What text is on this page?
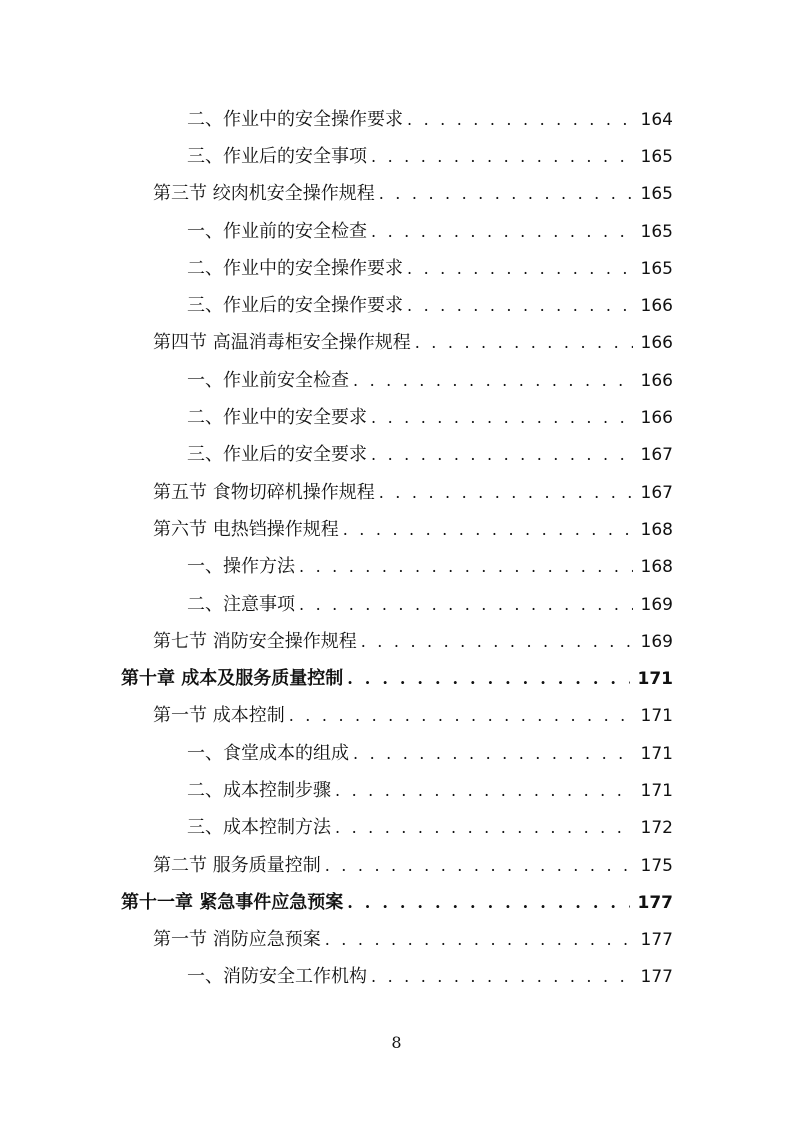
二、作业中的安全操作要求 . . .	164
三、作业后的安全事项 . . .	165
第三节 绞肉机安全操作规程 . . .	165
一、作业前的安全检查 . . .	165
二、作业中的安全操作要求 . . .	165
三、作业后的安全操作要求 . . .	166
第四节 高温消毒柜安全操作规程 . . .	166
一、作业前安全检查 . . .	166
二、作业中的安全要求 . . .	166
三、作业后的安全要求 . . .	167
第五节 食物切碎机操作规程 . . .	167
第六节 电热铛操作规程 . . .	168
一、操作方法 . . .	168
二、注意事项 . . .	169
第七节 消防安全操作规程 . . .	169
第十章 成本及服务质量控制 . . .	171
第一节 成本控制 . . .	171
一、食堂成本的组成 . . .	171
二、成本控制步骤 . . .	171
三、成本控制方法 . . .	172
第二节 服务质量控制 . . .	175
第十一章 紧急事件应急预案 . . .	177
第一节 消防应急预案 . . .	177
一、消防安全工作机构 . . .	177
8
